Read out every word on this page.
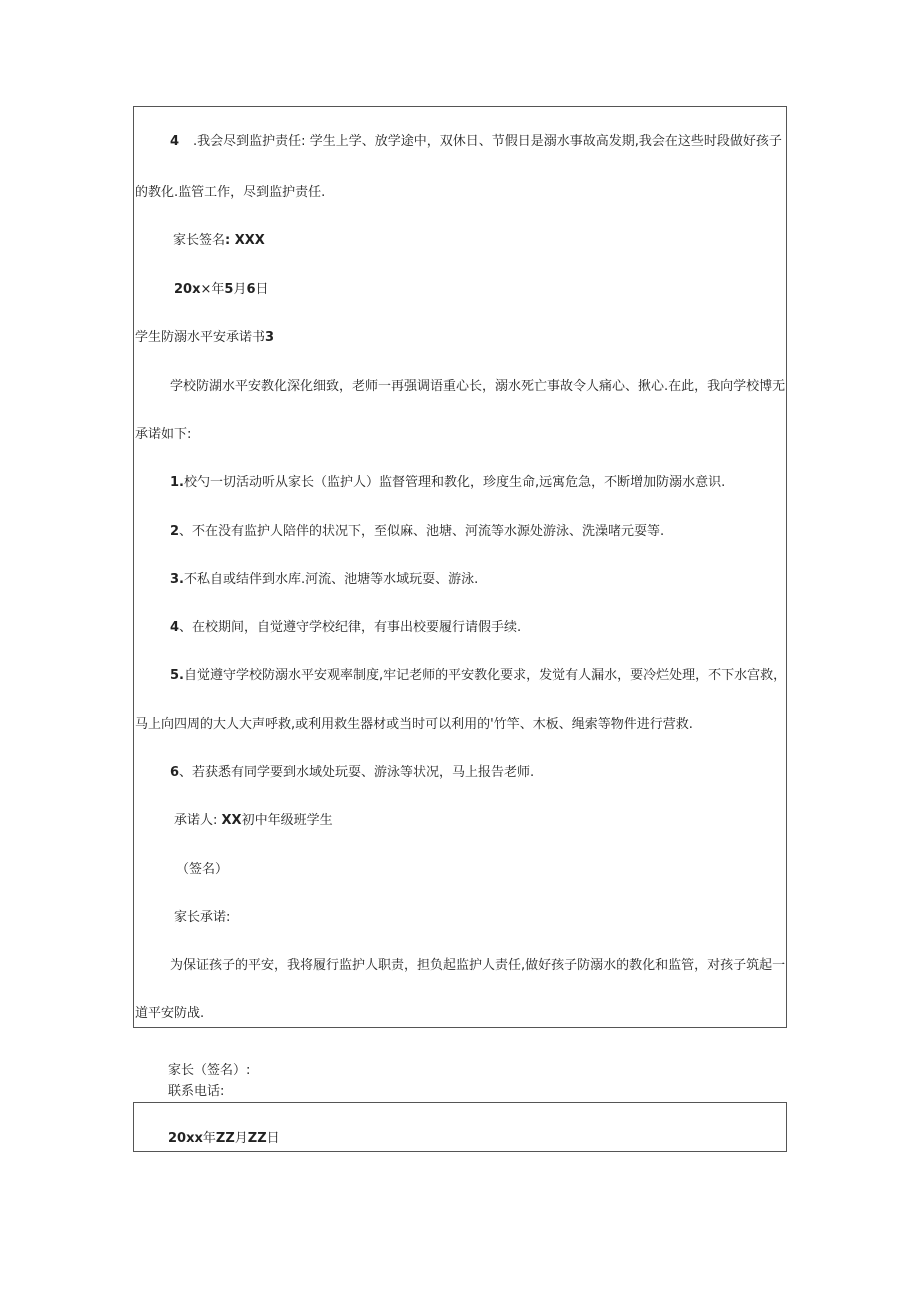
4 .我会尽到监护责任: 学生上学、放学途中，双休日、节假日是溺水事故高发期,我会在这些时段做好孩子
的教化.监管工作，尽到监护责任.
家长签名: XXX
20x×年5月6日
学生防溺水平安承诺书3
学校防湖水平安教化深化细致，老师一再强调语重心长，溺水死亡事故令人痛心、揪心.在此，我向学校博无
承诺如下:
1.校勺一切活动听从家长（监护人）监督管理和教化，珍度生命,远寓危急，不断增加防溺水意识.
2、不在没有监护人陪伴的状况下，至似麻、池塘、河流等水源处游泳、洗澡啫元耍等.
3.不私自或结伴到水库.河流、池塘等水域玩耍、游泳.
4、在校期间，自觉遵守学校纪律，有事出校要履行请假手续.
5.自觉遵守学校防溺水平安观率制度,牢记老师的平安教化要求，发觉有人漏水，要冷烂处理，不下水宫救，
马上向四周的大人大声呼救,或利用救生器材或当时可以利用的'竹竿、木板、绳索等物件进行营救.
6、若获悉有同学要到水域处玩耍、游泳等状况，马上报告老师.
承诺人: XX初中年级班学生
（签名）
家长承诺:
为保证孩子的平安，我将履行监护人职责，担负起监护人责任,做好孩子防溺水的教化和监管，对孩子筑起一
道平安防战.
家长（签名）:
联系电话:
20xx年ZZ月ZZ日
